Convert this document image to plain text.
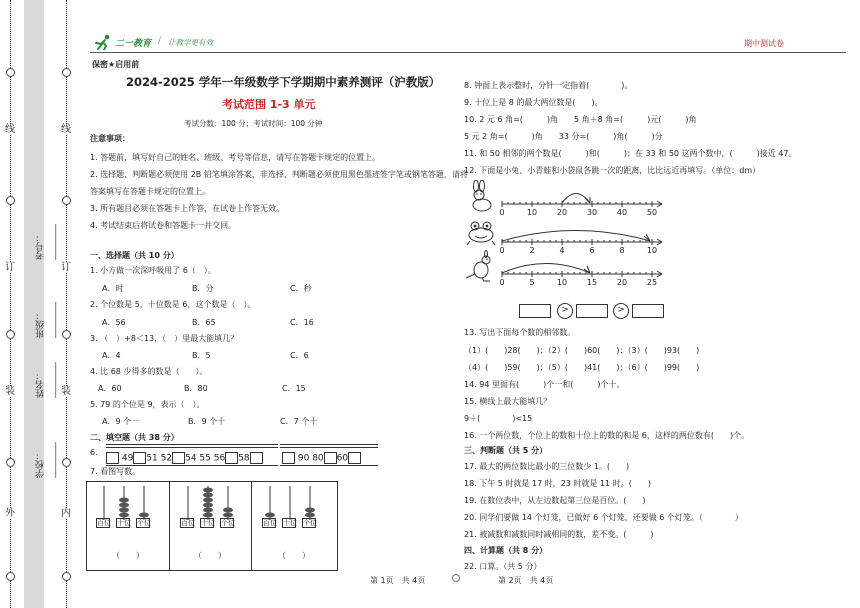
线
订
装
外
线
订
装
内
学校：________
姓名：________
班级：________
考号：________
二一教育 / 让教学更有效	期中测试卷
保密★启用前
2024-2025 学年一年级数学下学期期中素养测评（沪教版）
考试范围 1-3 单元
考试分数：100 分；考试时间：100 分钟
注意事项：
1. 答题前，填写好自己的姓名、班级、考号等信息，请写在答题卡规定的位置上。
2. 选择题、判断题必须使用 2B 铅笔填涂答案，非选择、判断题必须使用黑色墨迹签字笔或钢笔答题，请将
答案填写在答题卡规定的位置上。
3. 所有题目必须在答题卡上作答，在试卷上作答无效。
4. 考试结束后将试卷和答题卡一并交回。
一、选择题（共 10 分）
1. 小方做一次深呼吸用了 6（　）。
A．时	B．分	C．秒
2. 个位数是 5，十位数是 6，这个数是（　）。
A．56	B．65	C．16
3. （　）+8＜13，（　）里最大能填几？
A．4	B．5	C．6
4. 比 68 少得多的数是（　　）。
A．60	B．80	C．15
5. 79 的个位是 9，表示（　）。
A．9 个一	B．9 个十	C．7 个十
二、填空题（共 38 分）
6.
49 51 52 54 55 56 58	90 80 60
7. 看图写数。
百位 十位 个位	百位 十位 个位	百位 十位 个位
（　　）	（　　）	（　　）
8. 钟面上表示整时，分针一定指着(　　　　)。
9. 十位上是 8 的最大两位数是(　　)。
10. 2 元 6 角=(　　　)角　　5 角＋8 角=(　　　)元(　　　)角
5 元 2 角=(　　　)角　　33 分=(　　　)角(　　　)分
11. 和 50 相邻的两个数是(　　　)和(　　　)；在 33 和 50 这两个数中，(　　　)接近 47。
12. 下面是小兔、小青蛙和小袋鼠各跳一次的距离，比比远近再填写。（单位：dm）
0	10 20 30 40 50
0	2	4	6	8	10
0	5	10 15 20 25
>	>
13. 写出下面每个数的相邻数。
（1）(　　)28(　　)；（2）(　　)60(　　)；（3）(　　)93(　　)
（4）(　　)59(　　)；（5）(　　)41(　　)；（6）(　　)99(　　)
14. 94 里面有(　　　)个一和(　　　)个十。
15. 横线上最大能填几？
9＋(　　　　)<15
16. 一个两位数，个位上的数和十位上的数的和是 6，这样的两位数有(　　)个。
三、判断题（共 5 分）
17. 最大的两位数比最小的三位数少 1。(　　)
18. 下午 5 时就是 17 时，23 时就是 11 时。(　　)
19. 在数位表中，从左边数起第三位是百位。(　　)
20. 同学们要做 14 个灯笼，已做好 6 个灯笼，还要做 6 个灯笼。（　　　　）
21. 被减数和减数同时减相同的数，差不变。(　　　)
四、计算题（共 8 分）
22. 口算。（共 5 分）
第 1页　共 4页	第 2页　共 4页
